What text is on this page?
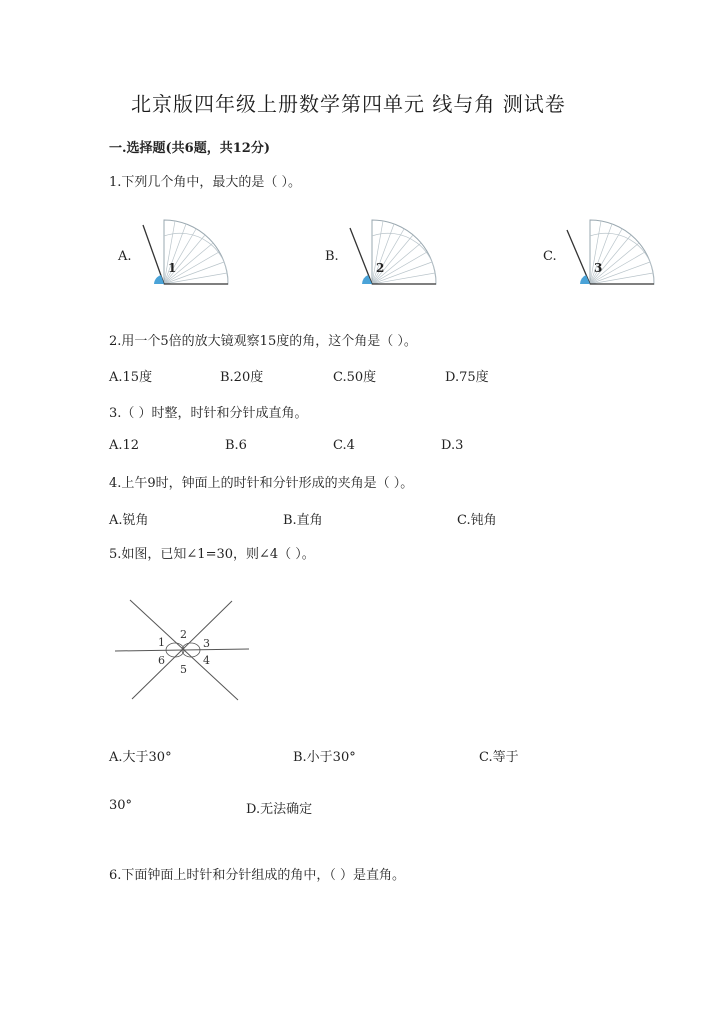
北京版四年级上册数学第四单元 线与角 测试卷
一.选择题(共6题，共12分)
1.下列几个角中，最大的是（ ）。
A.
1
B.
2
C.
3
2.用一个5倍的放大镜观察15度的角，这个角是（ ）。
A.15度	B.20度	C.50度	D.75度
3.（ ）时整，时针和分针成直角。
A.12	B.6	C.4	D.3
4.上午9时，钟面上的时针和分针形成的夹角是（ ）。
A.锐角	B.直角	C.钝角
5.如图，已知∠1=30，则∠4（ ）。
1
2
3
4
5
6
A.大于30°	B.小于30°	C.等于
30°	D.无法确定
6.下面钟面上时针和分针组成的角中，（ ）是直角。
